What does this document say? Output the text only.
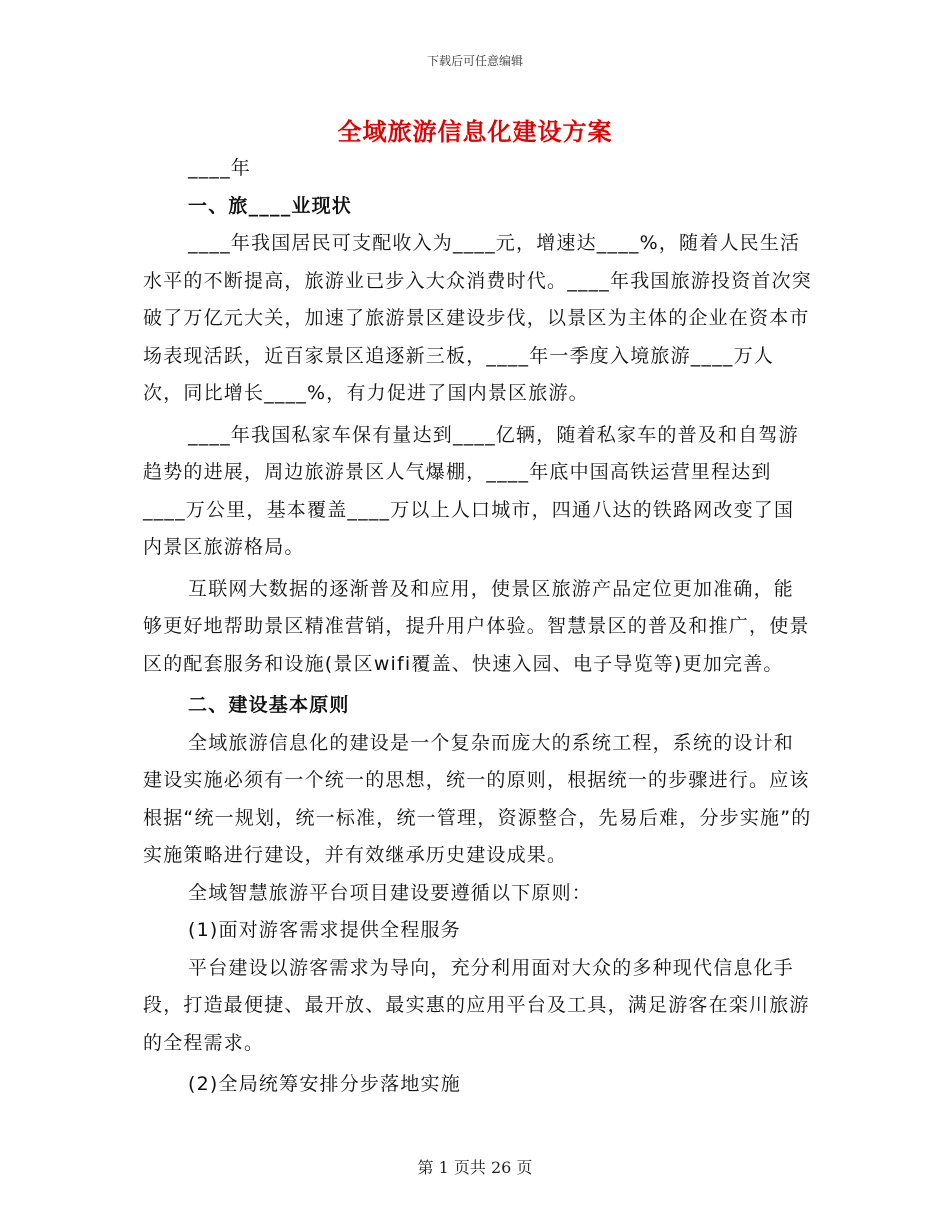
下载后可任意编辑
全域旅游信息化建设方案

____年

一、旅____业现状

____年我国居民可支配收入为____元，增速达____%，随着人民生活水平的不断提高，旅游业已步入大众消费时代。____年我国旅游投资首次突破了万亿元大关，加速了旅游景区建设步伐，以景区为主体的企业在资本市场表现活跃，近百家景区追逐新三板，____年一季度入境旅游____万人次，同比增长____%，有力促进了国内景区旅游。

____年我国私家车保有量达到____亿辆，随着私家车的普及和自驾游趋势的进展，周边旅游景区人气爆棚，____年底中国高铁运营里程达到____万公里，基本覆盖____万以上人口城市，四通八达的铁路网改变了国内景区旅游格局。

互联网大数据的逐渐普及和应用，使景区旅游产品定位更加准确，能够更好地帮助景区精准营销，提升用户体验。智慧景区的普及和推广，使景区的配套服务和设施(景区wifi覆盖、快速入园、电子导览等)更加完善。

二、建设基本原则

全域旅游信息化的建设是一个复杂而庞大的系统工程，系统的设计和建设实施必须有一个统一的思想，统一的原则，根据统一的步骤进行。应该根据“统一规划，统一标准，统一管理，资源整合，先易后难，分步实施”的实施策略进行建设，并有效继承历史建设成果。

全域智慧旅游平台项目建设要遵循以下原则：

(1)面对游客需求提供全程服务

平台建设以游客需求为导向，充分利用面对大众的多种现代信息化手段，打造最便捷、最开放、最实惠的应用平台及工具，满足游客在栾川旅游的全程需求。

(2)全局统筹安排分步落地实施

第 1 页共 26 页
